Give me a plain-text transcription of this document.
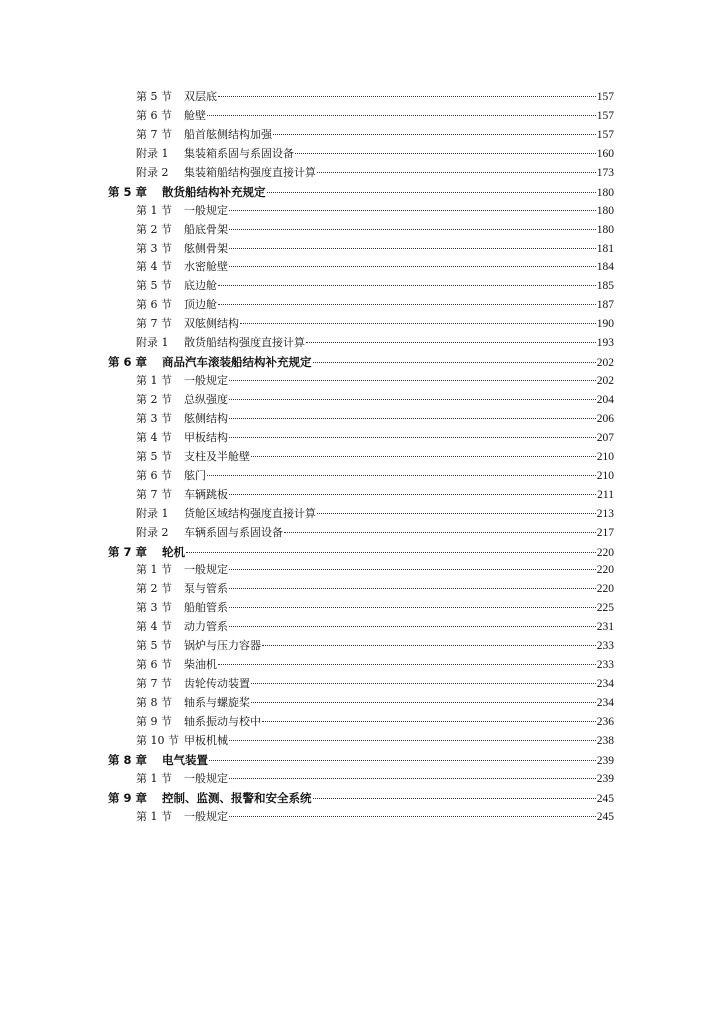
第 5 节	双层底	157
第 6 节	舱壁	157
第 7 节	船首舷侧结构加强	157
附录 1	集装箱系固与系固设备	160
附录 2	集装箱船结构强度直接计算	173
第 5 章	散货船结构补充规定	180
第 1 节	一般规定	180
第 2 节	船底骨架	180
第 3 节	舷侧骨架	181
第 4 节	水密舱壁	184
第 5 节	底边舱	185
第 6 节	顶边舱	187
第 7 节	双舷侧结构	190
附录 1	散货船结构强度直接计算	193
第 6 章	商品汽车滚装船结构补充规定	202
第 1 节	一般规定	202
第 2 节	总纵强度	204
第 3 节	舷侧结构	206
第 4 节	甲板结构	207
第 5 节	支柱及半舱壁	210
第 6 节	舷门	210
第 7 节	车辆跳板	211
附录 1	货舱区域结构强度直接计算	213
附录 2	车辆系固与系固设备	217
第 7 章	轮机	220
第 1 节	一般规定	220
第 2 节	泵与管系	220
第 3 节	船舶管系	225
第 4 节	动力管系	231
第 5 节	锅炉与压力容器	233
第 6 节	柴油机	233
第 7 节	齿轮传动装置	234
第 8 节	轴系与螺旋桨	234
第 9 节	轴系振动与校中	236
第 10 节 甲板机械	238
第 8 章	电气装置	239
第 1 节	一般规定	239
第 9 章	控制、监测、报警和安全系统	245
第 1 节	一般规定	245
